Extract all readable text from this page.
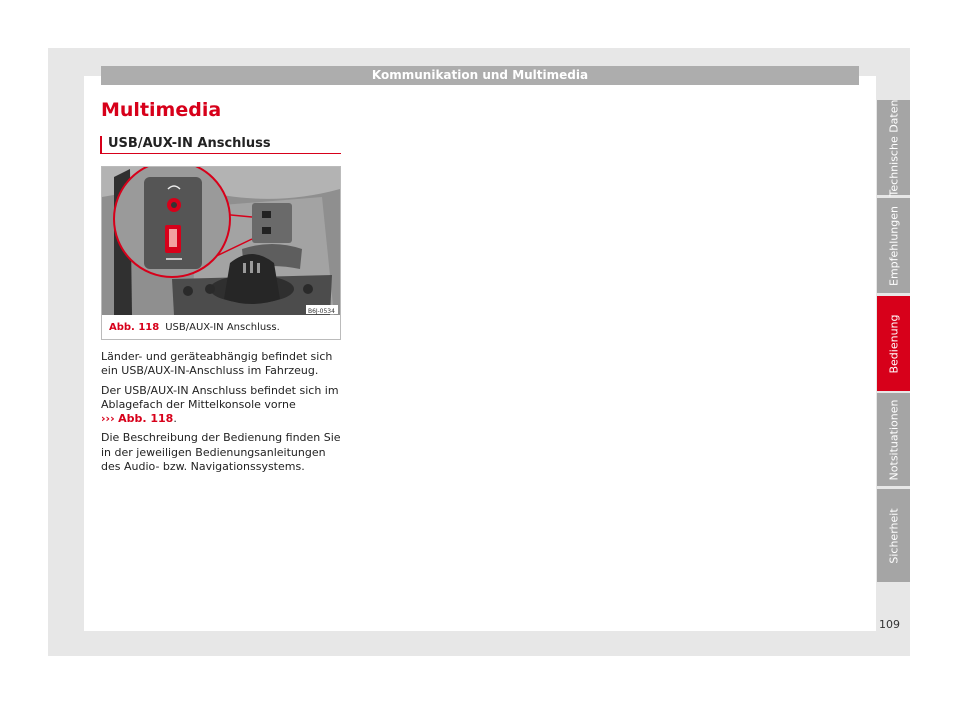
Kommunikation und Multimedia
Multimedia
USB/AUX-IN Anschluss
B6J-0534
Abb. 118 USB/AUX-IN Anschluss.

Länder- und geräteabhängig befindet sich ein USB/AUX-IN-Anschluss im Fahrzeug.

Der USB/AUX-IN Anschluss befindet sich im Ablagefach der Mittelkonsole vorne
››› Abb. 118.

Die Beschreibung der Bedienung finden Sie in der jeweiligen Bedienungsanleitungen des Audio- bzw. Navigationssystems.

Technische Daten
Empfehlungen
Bedienung
Notsituationen
Sicherheit
109
